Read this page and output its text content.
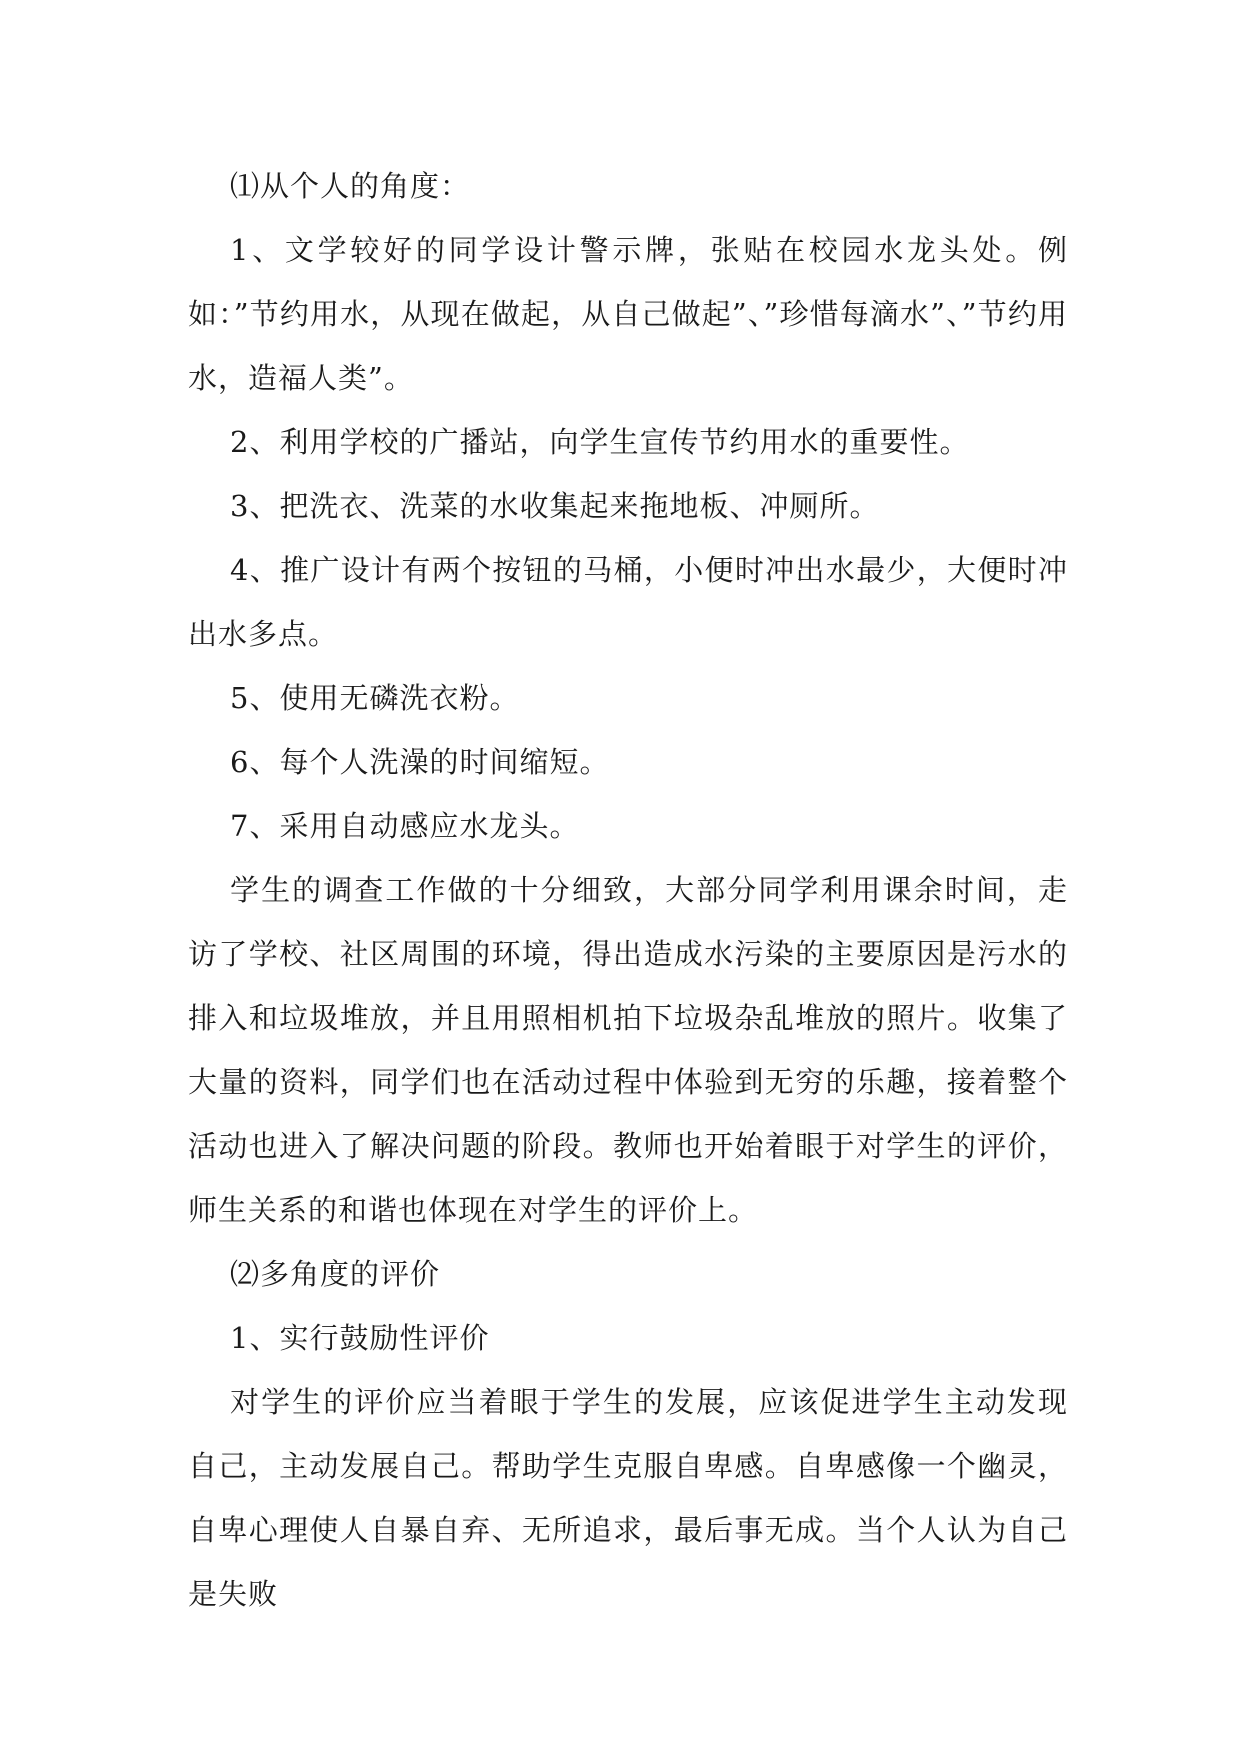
⑴从个人的角度：

1、文学较好的同学设计警示牌，张贴在校园水龙头处。例如：”节约用水，从现在做起，从自己做起”、”珍惜每滴水”、”节约用水，造福人类”。

2、利用学校的广播站，向学生宣传节约用水的重要性。

3、把洗衣、洗菜的水收集起来拖地板、冲厕所。

4、推广设计有两个按钮的马桶，小便时冲出水最少，大便时冲出水多点。

5、使用无磷洗衣粉。

6、每个人洗澡的时间缩短。

7、采用自动感应水龙头。

学生的调查工作做的十分细致，大部分同学利用课余时间，走访了学校、社区周围的环境，得出造成水污染的主要原因是污水的排入和垃圾堆放，并且用照相机拍下垃圾杂乱堆放的照片。收集了大量的资料，同学们也在活动过程中体验到无穷的乐趣，接着整个活动也进入了解决问题的阶段。教师也开始着眼于对学生的评价，师生关系的和谐也体现在对学生的评价上。

⑵多角度的评价

1、实行鼓励性评价

对学生的评价应当着眼于学生的发展，应该促进学生主动发现自己，主动发展自己。帮助学生克服自卑感。自卑感像一个幽灵，自卑心理使人自暴自弃、无所追求，最后事无成。当个人认为自己是失败
